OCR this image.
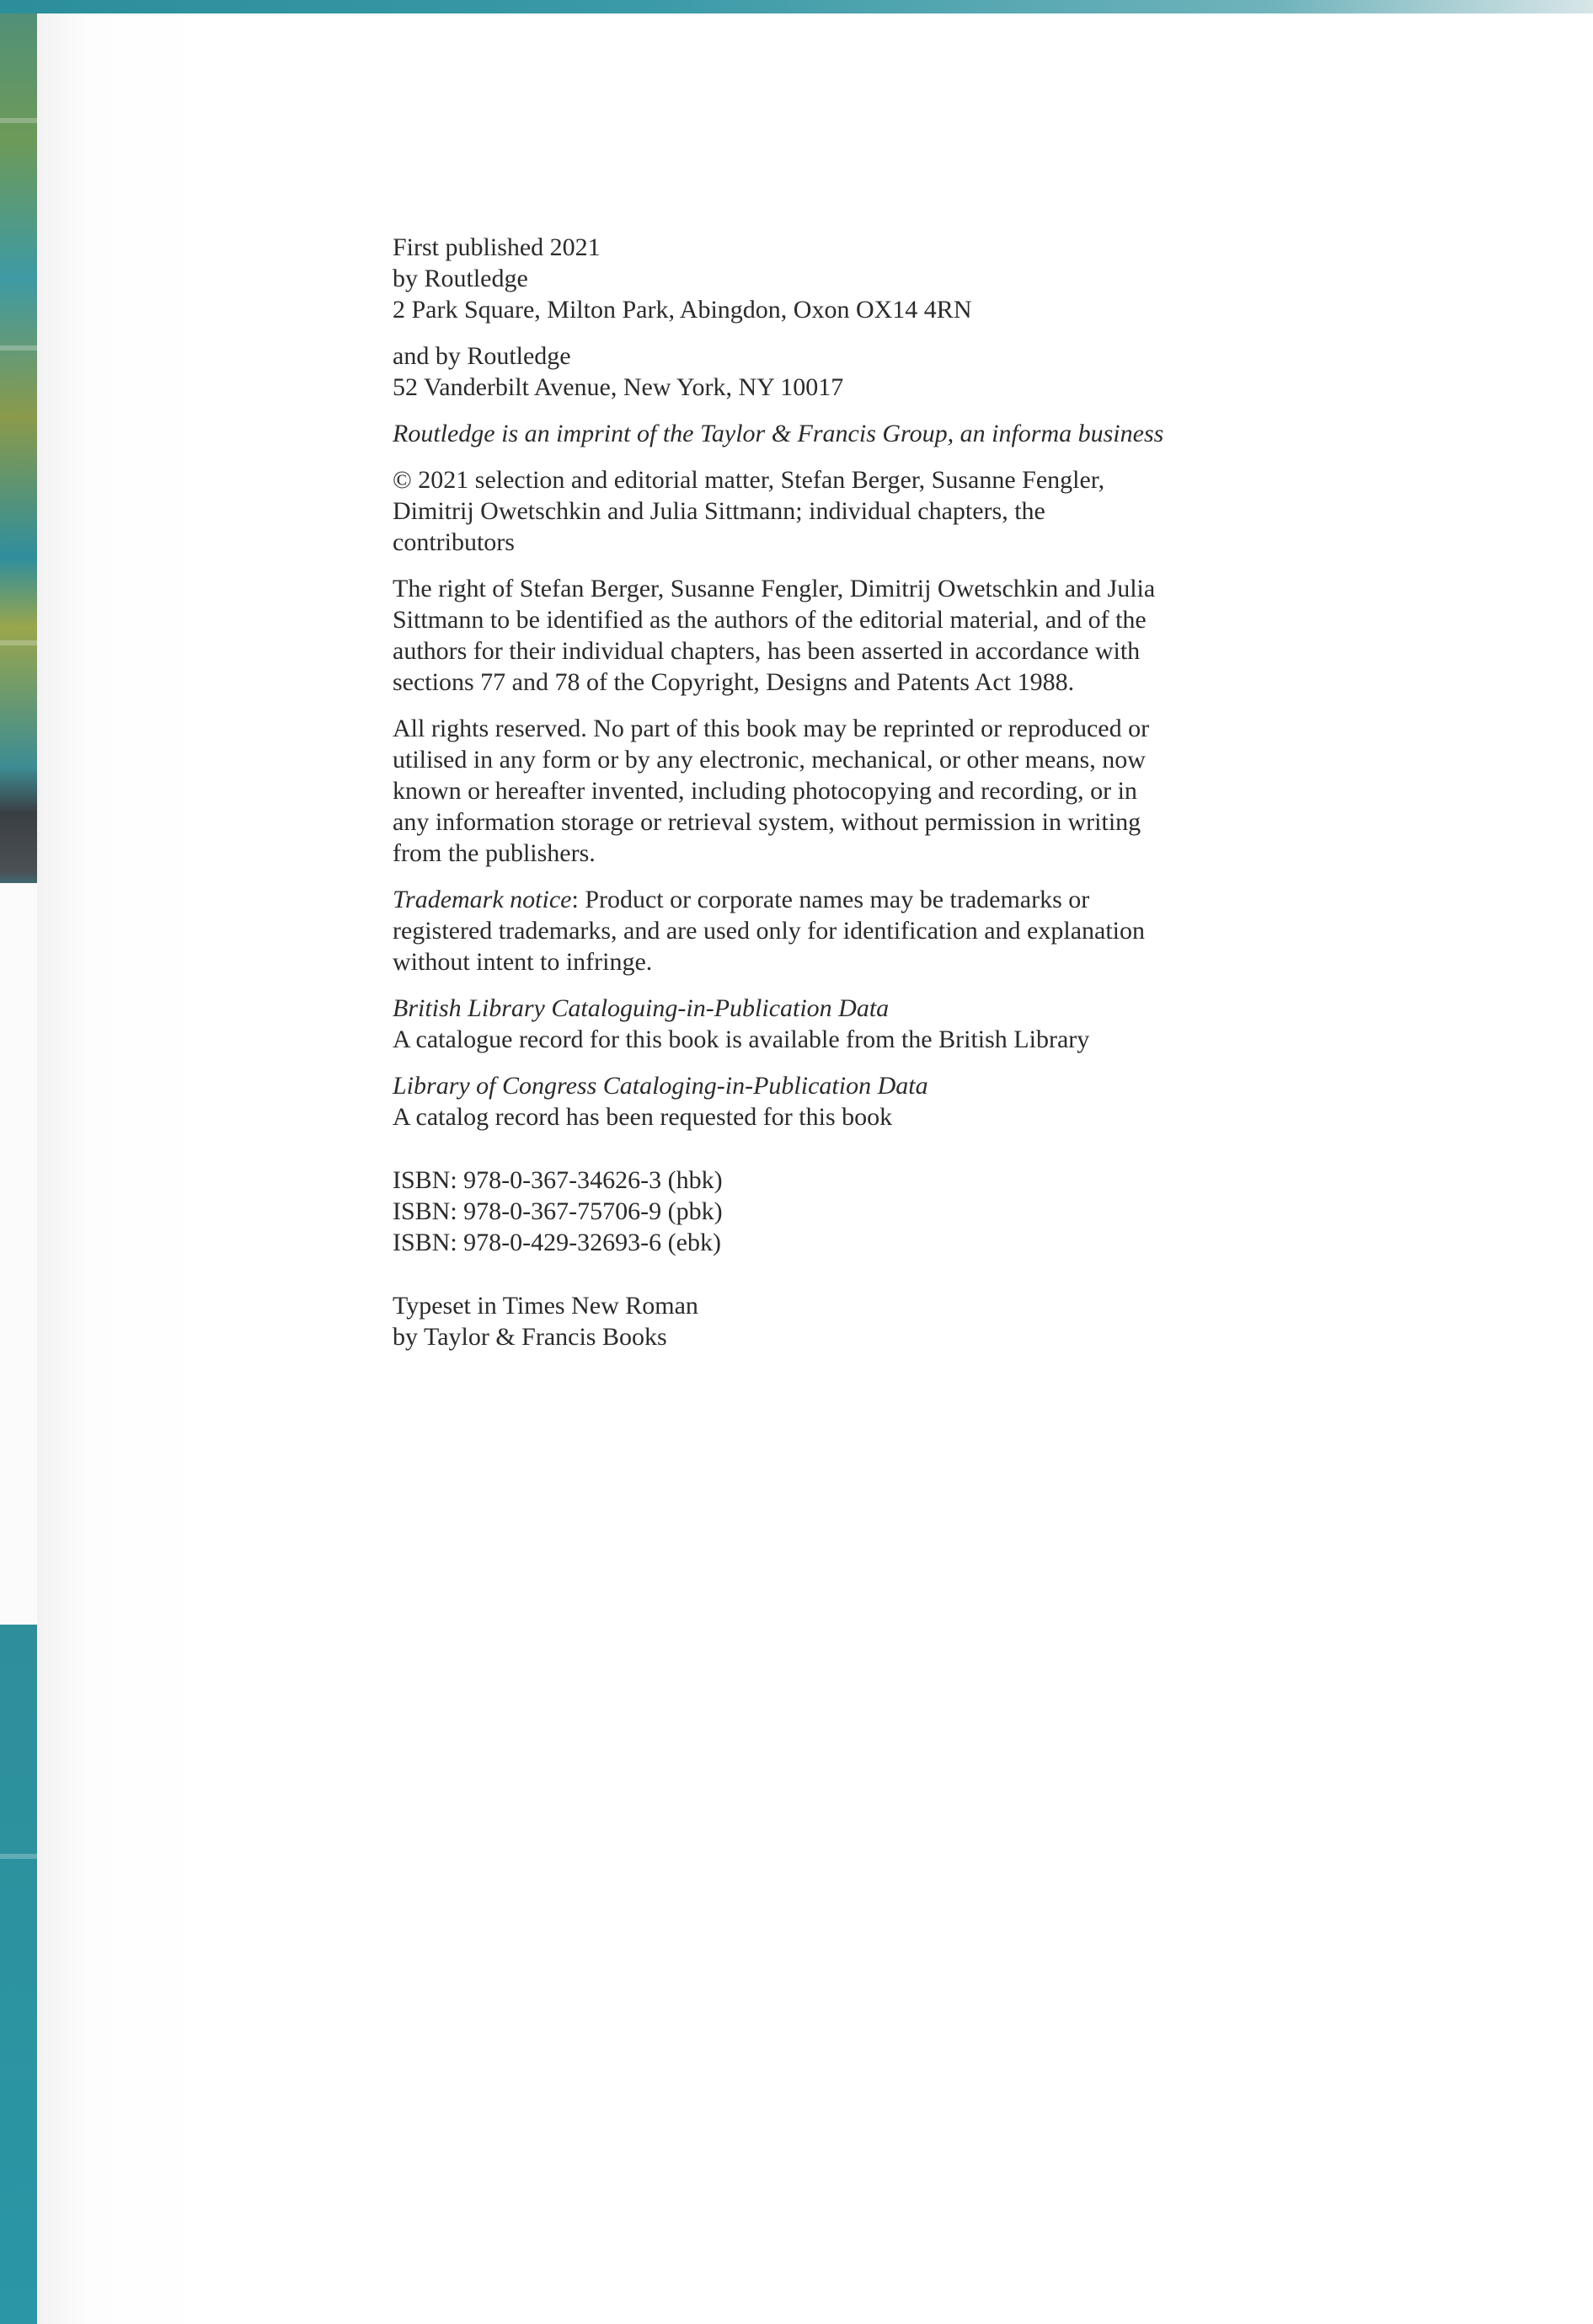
First published 2021
by Routledge
2 Park Square, Milton Park, Abingdon, Oxon OX14 4RN
and by Routledge
52 Vanderbilt Avenue, New York, NY 10017
Routledge is an imprint of the Taylor & Francis Group, an informa business
© 2021 selection and editorial matter, Stefan Berger, Susanne Fengler,
Dimitrij Owetschkin and Julia Sittmann; individual chapters, the
contributors
The right of Stefan Berger, Susanne Fengler, Dimitrij Owetschkin and Julia
Sittmann to be identified as the authors of the editorial material, and of the
authors for their individual chapters, has been asserted in accordance with
sections 77 and 78 of the Copyright, Designs and Patents Act 1988.
All rights reserved. No part of this book may be reprinted or reproduced or
utilised in any form or by any electronic, mechanical, or other means, now
known or hereafter invented, including photocopying and recording, or in
any information storage or retrieval system, without permission in writing
from the publishers.
Trademark notice: Product or corporate names may be trademarks or
registered trademarks, and are used only for identification and explanation
without intent to infringe.
British Library Cataloguing-in-Publication Data
A catalogue record for this book is available from the British Library
Library of Congress Cataloging-in-Publication Data
A catalog record has been requested for this book
ISBN: 978-0-367-34626-3 (hbk)
ISBN: 978-0-367-75706-9 (pbk)
ISBN: 978-0-429-32693-6 (ebk)
Typeset in Times New Roman
by Taylor & Francis Books
